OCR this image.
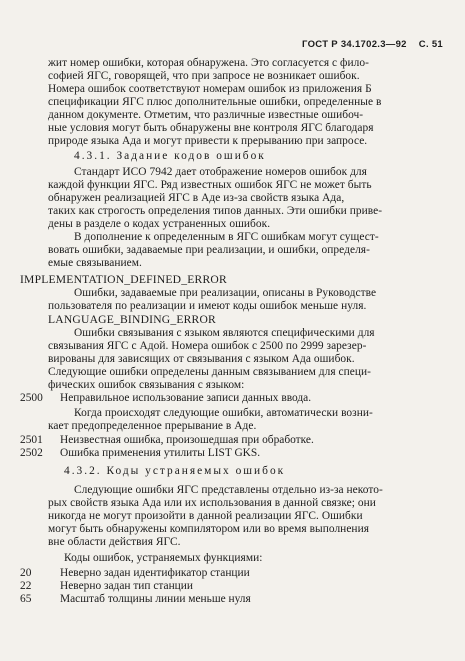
ГОСТ Р 34.1702.3—92 С. 51
жит номер ошибки, которая обнаружена. Это согласуется с фило-
софией ЯГС, говорящей, что при запросе не возникает ошибок.
Номера ошибок соответствуют номерам ошибок из приложения Б
спецификации ЯГС плюс дополнительные ошибки, определенные в
данном документе. Отметим, что различные известные ошибоч-
ные условия могут быть обнаружены вне контроля ЯГС благодаря
природе языка Ада и могут привести к прерыванию при запросе.
4.3.1. Задание кодов ошибок
Стандарт ИСО 7942 дает отображение номеров ошибок для
каждой функции ЯГС. Ряд известных ошибок ЯГС не может быть
обнаружен реализацией ЯГС в Аде из-за свойств языка Ада,
таких как строгость определения типов данных. Эти ошибки приве-
дены в разделе о кодах устраненных ошибок.
В дополнение к определенным в ЯГС ошибкам могут сущест-
вовать ошибки, задаваемые при реализации, и ошибки, определя-
емые связыванием.
IMPLEMENTATION_DEFINED_ERROR
Ошибки, задаваемые при реализации, описаны в Руководстве
пользователя по реализации и имеют коды ошибок меньше нуля.
LANGUAGE_BINDING_ERROR
Ошибки связывания с языком являются специфическими для
связывания ЯГС с Адой. Номера ошибок с 2500 по 2999 зарезер-
вированы для зависящих от связывания с языком Ада ошибок.
Следующие ошибки определены данным связыванием для специ-
фических ошибок связывания с языком:
2500 Неправильное использование записи данных ввода.
Когда происходят следующие ошибки, автоматически возни-
кает предопределенное прерывание в Аде.
2501 Неизвестная ошибка, произошедшая при обработке.
2502 Ошибка применения утилиты LIST GKS.
4.3.2. Коды устраняемых ошибок
Следующие ошибки ЯГС представлены отдельно из-за некото-
рых свойств языка Ада или их использования в данной связке; они
никогда не могут произойти в данной реализации ЯГС. Ошибки
могут быть обнаружены компилятором или во время выполнения
вне области действия ЯГС.
Коды ошибок, устраняемых функциями:
20	Неверно задан идентификатор станции
22	Неверно задан тип станции
65	Масштаб толщины линии меньше нуля
